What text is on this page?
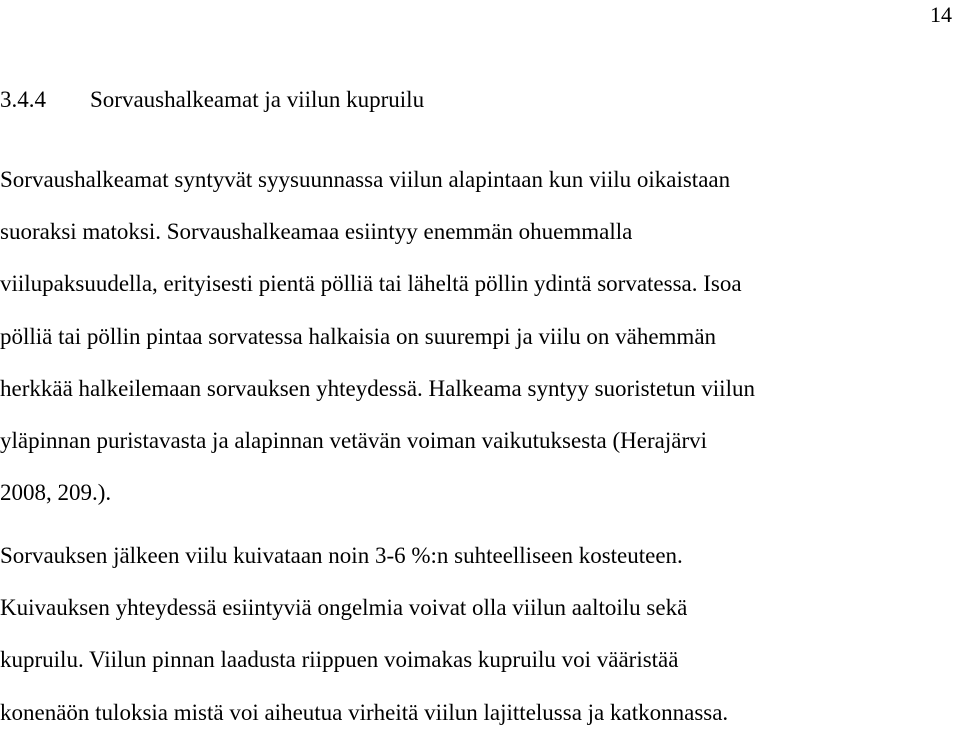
14
3.4.4 Sorvaushalkeamat ja viilun kupruilu
Sorvaushalkeamat syntyvät syysuunnassa viilun alapintaan kun viilu oikaistaan
suoraksi matoksi. Sorvaushalkeamaa esiintyy enemmän ohuemmalla
viilupaksuudella, erityisesti pientä pölliä tai läheltä pöllin ydintä sorvatessa. Isoa
pölliä tai pöllin pintaa sorvatessa halkaisia on suurempi ja viilu on vähemmän
herkkää halkeilemaan sorvauksen yhteydessä. Halkeama syntyy suoristetun viilun
yläpinnan puristavasta ja alapinnan vetävän voiman vaikutuksesta (Herajärvi
2008, 209.).
Sorvauksen jälkeen viilu kuivataan noin 3-6 %:n suhteelliseen kosteuteen.
Kuivauksen yhteydessä esiintyviä ongelmia voivat olla viilun aaltoilu sekä
kupruilu. Viilun pinnan laadusta riippuen voimakas kupruilu voi vääristää
konenäön tuloksia mistä voi aiheutua virheitä viilun lajittelussa ja katkonnassa.
